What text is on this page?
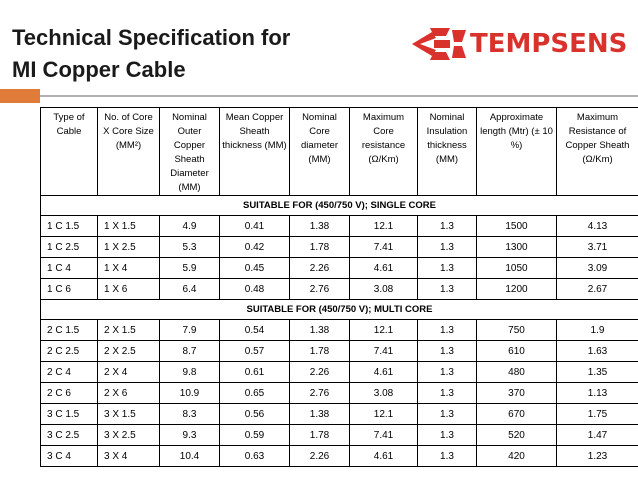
Technical Specification for
MI Copper Cable
TEMPSENS
Type of Cable	No. of Core X Core Size (MM²)	Nominal Outer Copper Sheath Diameter (MM)	Mean Copper Sheath thickness (MM)	Nominal Core diameter (MM)	Maximum Core resistance (Ω/Km)	Nominal Insulation thickness (MM)	Approximate length (Mtr) (± 10 %)	Maximum Resistance of Copper Sheath (Ω/Km)
SUITABLE FOR (450/750 V); SINGLE CORE								
1 C 1.5	1 X 1.5	4.9	0.41	1.38	12.1	1.3	1500	4.13
1 C 2.5	1 X 2.5	5.3	0.42	1.78	7.41	1.3	1300	3.71
1 C 4	1 X 4	5.9	0.45	2.26	4.61	1.3	1050	3.09
1 C 6	1 X 6	6.4	0.48	2.76	3.08	1.3	1200	2.67
SUITABLE FOR (450/750 V); MULTI CORE								
2 C 1.5	2 X 1.5	7.9	0.54	1.38	12.1	1.3	750	1.9
2 C 2.5	2 X 2.5	8.7	0.57	1.78	7.41	1.3	610	1.63
2 C 4	2 X 4	9.8	0.61	2.26	4.61	1.3	480	1.35
2 C 6	2 X 6	10.9	0.65	2.76	3.08	1.3	370	1.13
3 C 1.5	3 X 1.5	8.3	0.56	1.38	12.1	1.3	670	1.75
3 C 2.5	3 X 2.5	9.3	0.59	1.78	7.41	1.3	520	1.47
3 C 4	3 X 4	10.4	0.63	2.26	4.61	1.3	420	1.23
